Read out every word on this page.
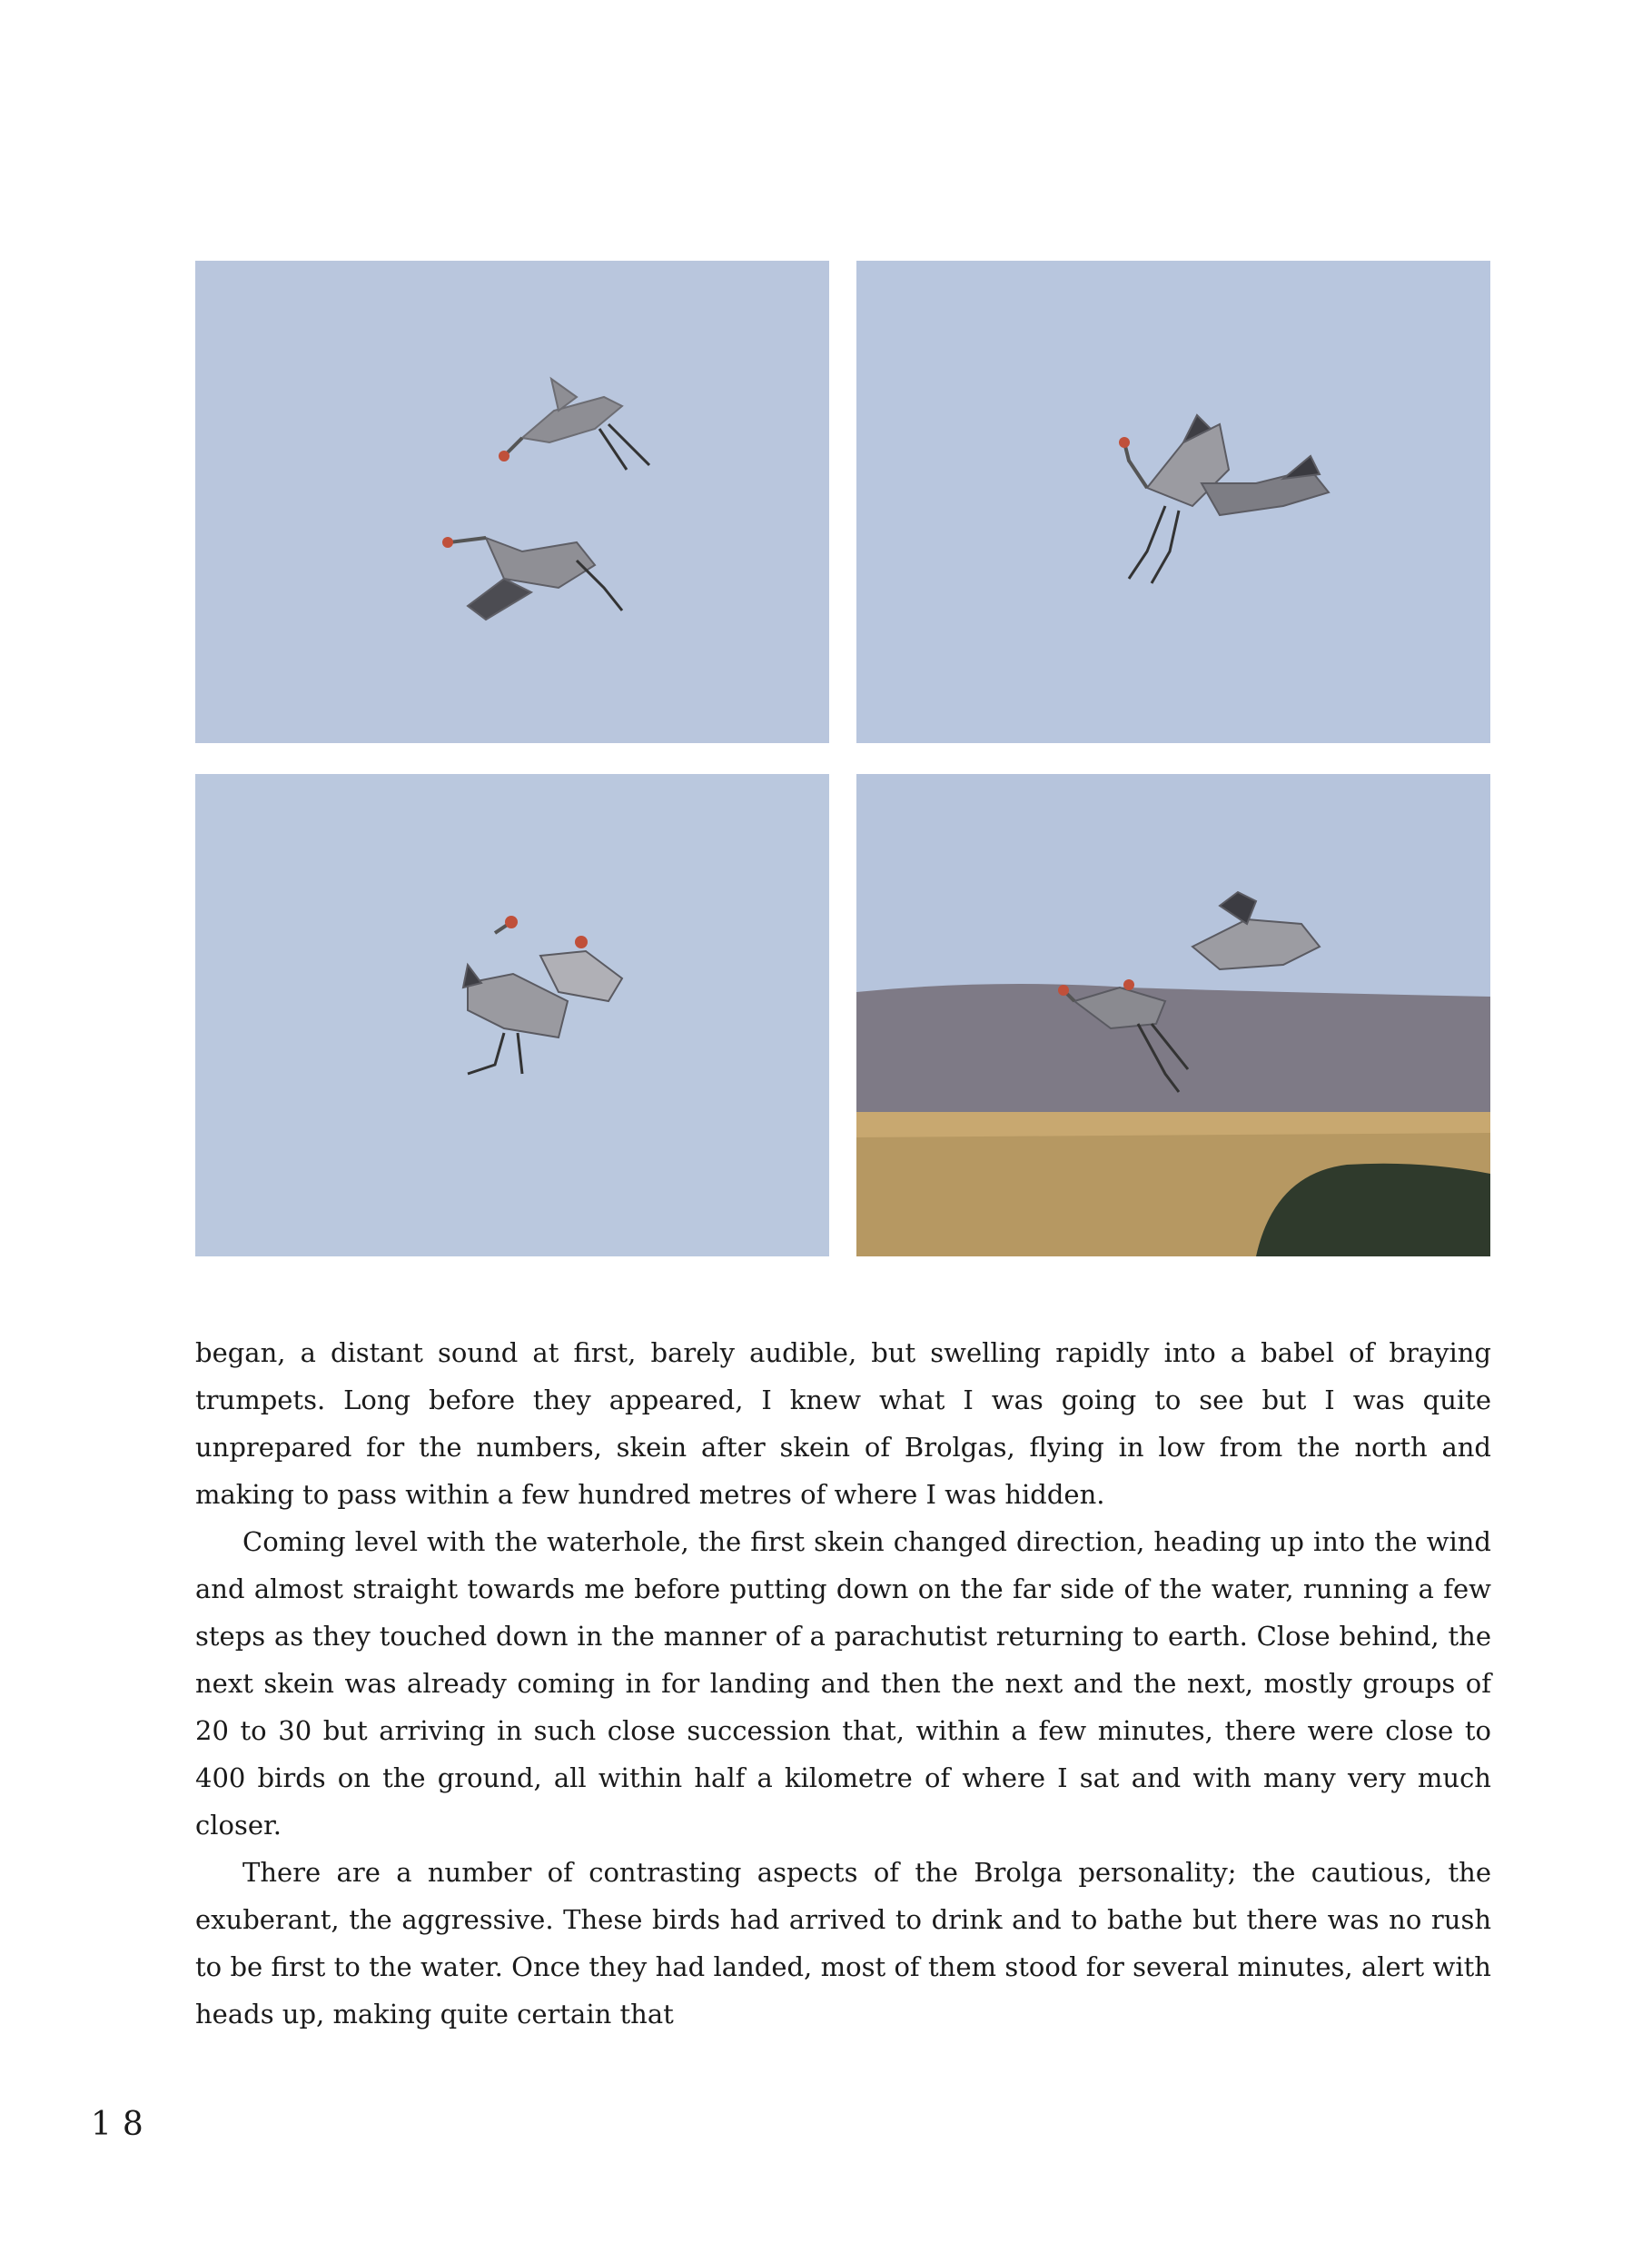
began, a distant sound at first, barely audible, but swelling rapidly into a babel of braying trumpets. Long before they appeared, I knew what I was going to see but I was quite unprepared for the numbers, skein after skein of Brolgas, flying in low from the north and making to pass within a few hundred metres of where I was hidden.

Coming level with the waterhole, the first skein changed direction, heading up into the wind and almost straight towards me before putting down on the far side of the water, running a few steps as they touched down in the manner of a parachutist returning to earth. Close behind, the next skein was already coming in for landing and then the next and the next, mostly groups of 20 to 30 but arriving in such close succession that, within a few minutes, there were close to 400 birds on the ground, all within half a kilometre of where I sat and with many very much closer.

There are a number of contrasting aspects of the Brolga personality; the cautious, the exuberant, the aggressive. These birds had arrived to drink and to bathe but there was no rush to be first to the water. Once they had landed, most of them stood for several minutes, alert with heads up, making quite certain that

18
